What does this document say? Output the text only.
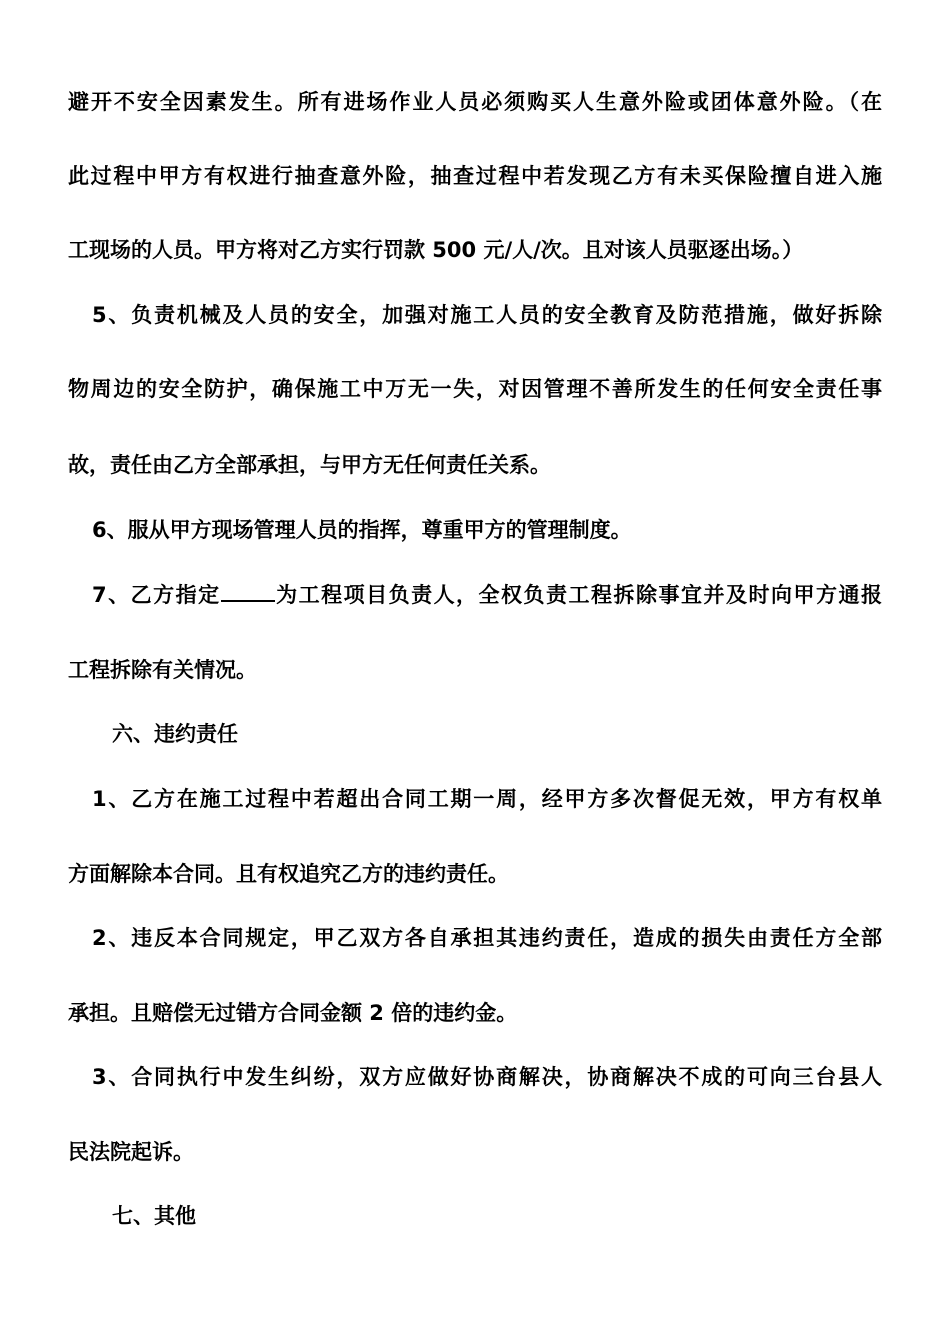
避开不安全因素发生。所有进场作业人员必须购买人生意外险或团体意外险。（在
此过程中甲方有权进行抽查意外险，抽查过程中若发现乙方有未买保险擅自进入施
工现场的人员。甲方将对乙方实行罚款 500 元/人/次。且对该人员驱逐出场。）
5、负责机械及人员的安全，加强对施工人员的安全教育及防范措施，做好拆除
物周边的安全防护，确保施工中万无一失，对因管理不善所发生的任何安全责任事
故，责任由乙方全部承担，与甲方无任何责任关系。
6、服从甲方现场管理人员的指挥，尊重甲方的管理制度。
7、乙方指定	为工程项目负责人，全权负责工程拆除事宜并及时向甲方通报
工程拆除有关情况。
六、违约责任
1、乙方在施工过程中若超出合同工期一周，经甲方多次督促无效，甲方有权单
方面解除本合同。且有权追究乙方的违约责任。
2、违反本合同规定，甲乙双方各自承担其违约责任，造成的损失由责任方全部
承担。且赔偿无过错方合同金额 2 倍的违约金。
3、合同执行中发生纠纷，双方应做好协商解决，协商解决不成的可向三台县人
民法院起诉。
七、其他
